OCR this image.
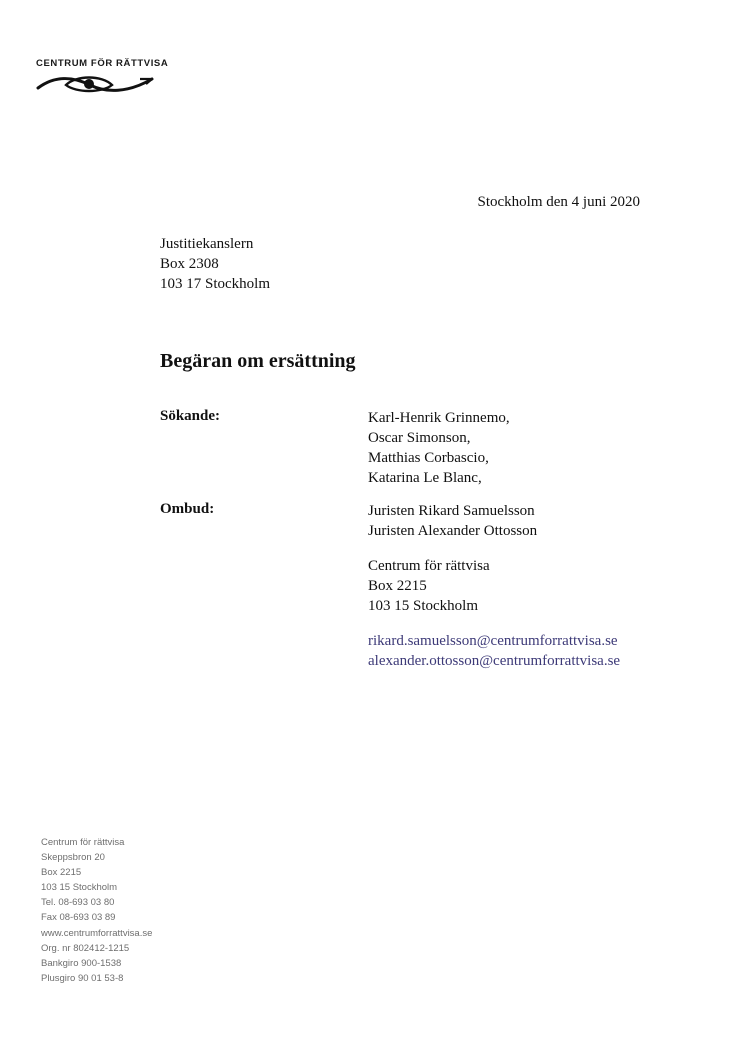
CENTRUM FÖR RÄTTVISA
Stockholm den 4 juni 2020
Justitiekanslern
Box 2308
103 17 Stockholm
Begäran om ersättning
Sökande:	Karl-Henrik Grinnemo,
Oscar Simonson,
Matthias Corbascio,
Katarina Le Blanc,
Ombud:	Juristen Rikard Samuelsson
Juristen Alexander Ottosson
Centrum för rättvisa
Box 2215
103 15 Stockholm
rikard.samuelsson@centrumforrattvisa.se
alexander.ottosson@centrumforrattvisa.se
Centrum för rättvisa
Skeppsbron 20
Box 2215
103 15 Stockholm
Tel. 08-693 03 80
Fax 08-693 03 89
www.centrumforrattvisa.se
Org. nr 802412-1215
Bankgiro 900-1538
Plusgiro 90 01 53-8
